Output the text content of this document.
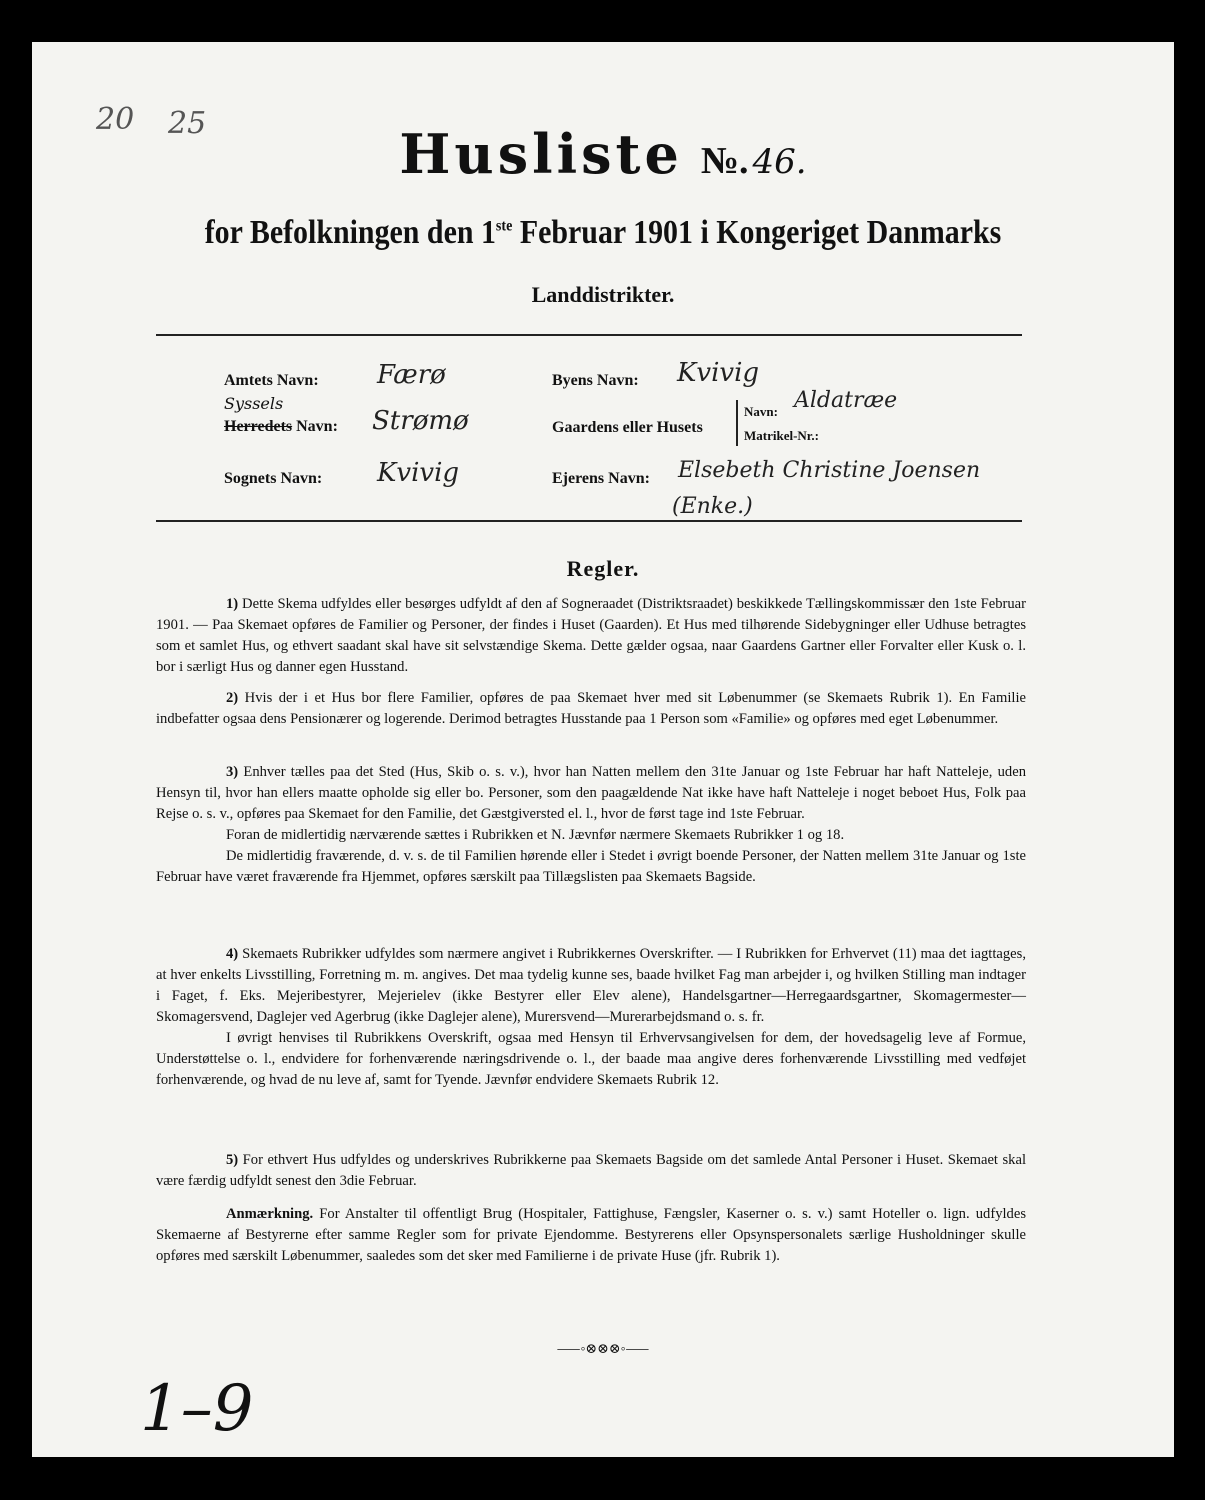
20 25	Husliste №. 46.
for Befolkningen den 1ste Februar 1901 i Kongeriget Danmarks
Landdistrikter.
Amtets Navn: Færø
Syssels
Herredets Navn: Strømø
Sognets Navn: Kvivig
Byens Navn: Kvivig
Gaardens eller Husets
Navn: Aldatræe
Matrikel-Nr.:
Ejerens Navn: Elsebeth Christine Joensen
(Enke.)
Regler.

1) Dette Skema udfyldes eller besørges udfyldt af den af Sogneraadet (Distriktsraadet) beskikkede Tællingskommissær den 1ste Februar 1901. — Paa Skemaet opføres de Familier og Personer, der findes i Huset (Gaarden). Et Hus med tilhørende Sidebygninger eller Udhuse betragtes som et samlet Hus, og ethvert saadant skal have sit selvstændige Skema. Dette gælder ogsaa, naar Gaardens Gartner eller Forvalter eller Kusk o. l. bor i særligt Hus og danner egen Husstand.

2) Hvis der i et Hus bor flere Familier, opføres de paa Skemaet hver med sit Løbenummer (se Skemaets Rubrik 1). En Familie indbefatter ogsaa dens Pensionærer og logerende. Derimod betragtes Husstande paa 1 Person som «Familie» og opføres med eget Løbenummer.

3) Enhver tælles paa det Sted (Hus, Skib o. s. v.), hvor han Natten mellem den 31te Januar og 1ste Februar har haft Natteleje, uden Hensyn til, hvor han ellers maatte opholde sig eller bo. Personer, som den paagældende Nat ikke have haft Natteleje i noget beboet Hus, Folk paa Rejse o. s. v., opføres paa Skemaet for den Familie, det Gæstgiversted el. l., hvor de først tage ind 1ste Februar.

Foran de midlertidig nærværende sættes i Rubrikken et N. Jævnfør nærmere Skemaets Rubrikker 1 og 18.

De midlertidig fraværende, d. v. s. de til Familien hørende eller i Stedet i øvrigt boende Personer, der Natten mellem 31te Januar og 1ste Februar have været fraværende fra Hjemmet, opføres særskilt paa Tillægslisten paa Skemaets Bagside.

4) Skemaets Rubrikker udfyldes som nærmere angivet i Rubrikkernes Overskrifter. — I Rubrikken for Erhvervet (11) maa det iagttages, at hver enkelts Livsstilling, Forretning m. m. angives. Det maa tydelig kunne ses, baade hvilket Fag man arbejder i, og hvilken Stilling man indtager i Faget, f. Eks. Mejeribestyrer, Mejerielev (ikke Bestyrer eller Elev alene), Handelsgartner—Herregaardsgartner, Skomagermester—Skomagersvend, Daglejer ved Agerbrug (ikke Daglejer alene), Murersvend—Murerarbejdsmand o. s. fr.

I øvrigt henvises til Rubrikkens Overskrift, ogsaa med Hensyn til Erhvervsangivelsen for dem, der hovedsagelig leve af Formue, Understøttelse o. l., endvidere for forhenværende næringsdrivende o. l., der baade maa angive deres forhenværende Livsstilling med vedføjet forhenværende, og hvad de nu leve af, samt for Tyende. Jævnfør endvidere Skemaets Rubrik 12.

5) For ethvert Hus udfyldes og underskrives Rubrikkerne paa Skemaets Bagside om det samlede Antal Personer i Huset. Skemaet skal være færdig udfyldt senest den 3die Februar.

Anmærkning. For Anstalter til offentligt Brug (Hospitaler, Fattighuse, Fængsler, Kaserner o. s. v.) samt Hoteller o. lign. udfyldes Skemaerne af Bestyrerne efter samme Regler som for private Ejendomme. Bestyrerens eller Opsynspersonalets særlige Husholdninger skulle opføres med særskilt Løbenummer, saaledes som det sker med Familierne i de private Huse (jfr. Rubrik 1).

⸺◦⊗⊗⊗◦⸺
1–9
